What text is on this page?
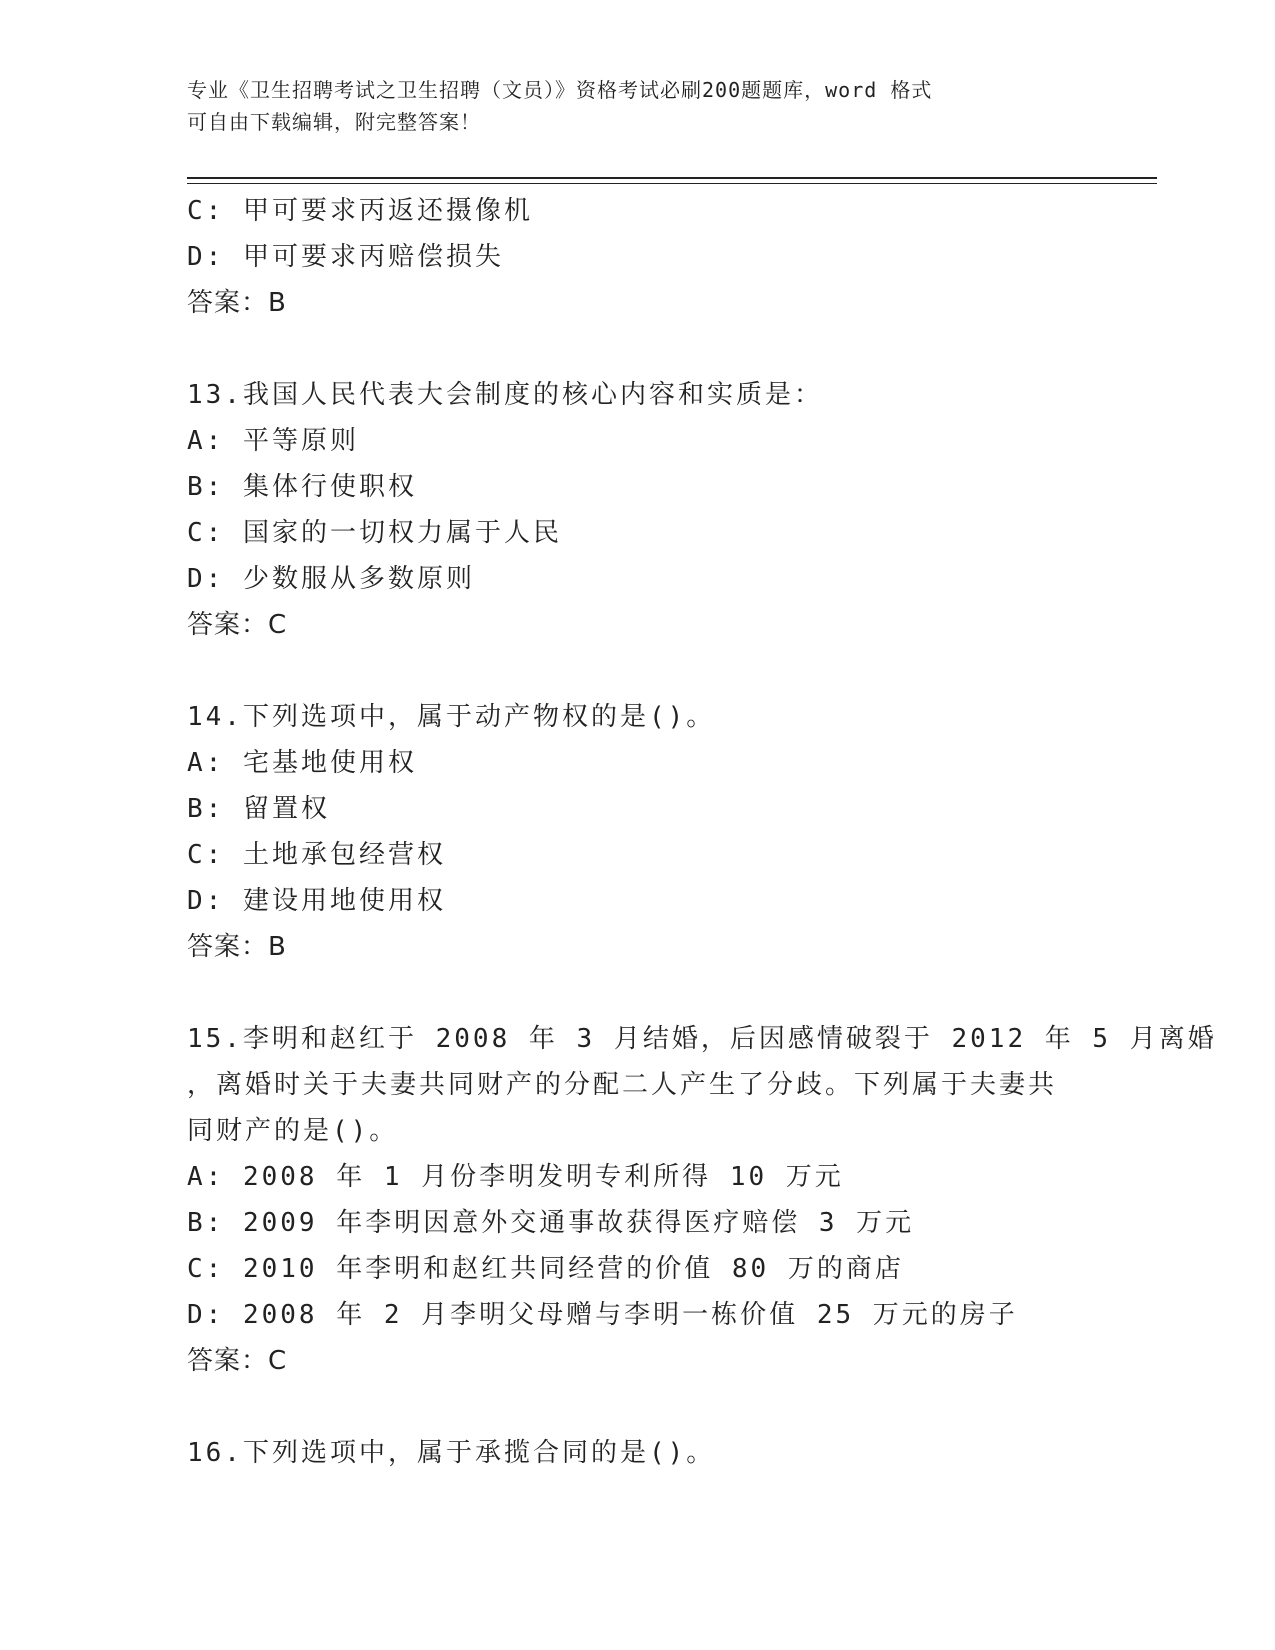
专业《卫生招聘考试之卫生招聘（文员）》资格考试必刷200题题库，word 格式
可自由下载编辑，附完整答案！
C: 甲可要求丙返还摄像机
D: 甲可要求丙赔偿损失
答案：B
13.我国人民代表大会制度的核心内容和实质是：
A: 平等原则
B: 集体行使职权
C: 国家的一切权力属于人民
D: 少数服从多数原则
答案：C
14.下列选项中，属于动产物权的是()。
A: 宅基地使用权
B: 留置权
C: 土地承包经营权
D: 建设用地使用权
答案：B
15.李明和赵红于 2008 年 3 月结婚，后因感情破裂于 2012 年 5 月离婚
，离婚时关于夫妻共同财产的分配二人产生了分歧。下列属于夫妻共
同财产的是()。
A: 2008 年 1 月份李明发明专利所得 10 万元
B: 2009 年李明因意外交通事故获得医疗赔偿 3 万元
C: 2010 年李明和赵红共同经营的价值 80 万的商店
D: 2008 年 2 月李明父母赠与李明一栋价值 25 万元的房子
答案：C
16.下列选项中，属于承揽合同的是()。
